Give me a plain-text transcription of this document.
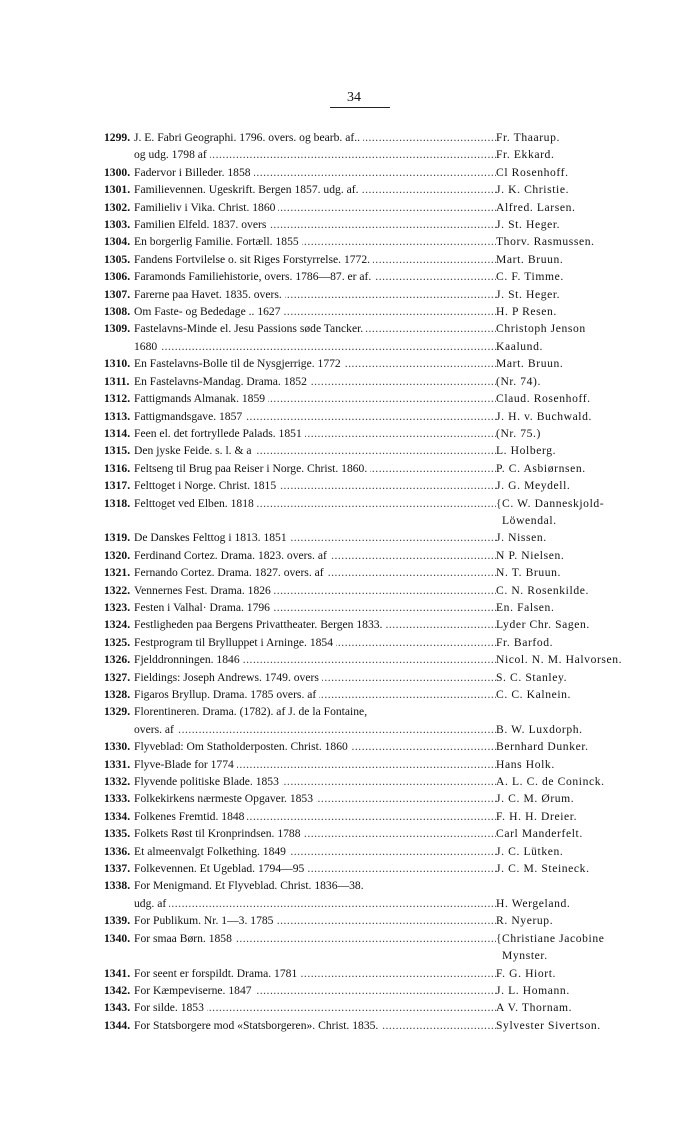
34
1299. J. E. Fabri Geographi. 1796. overs. og bearb. af.. .....	Fr. Thaarup.
og udg. 1798 af .....	Fr. Ekkard.
1300. Fadervor i Billeder. 1858 .....	Cl Rosenhoff.
1301. Familievennen. Ugeskrift. Bergen 1857. udg. af. .....	J. K. Christie.
1302. Familieliv i Vika. Christ. 1860 .....	Alfred. Larsen.
1303. Familien Elfeld. 1837. overs .....	J. St. Heger.
1304. En borgerlig Familie. Fortæll. 1855 .....	Thorv. Rasmussen.
1305. Fandens Fortvilelse o. sit Riges Forstyrrelse. 1772. .....	Mart. Bruun.
1306. Faramonds Familiehistorie, overs. 1786—87. er af. .....	C. F. Timme.
1307. Farerne paa Havet. 1835. overs. .....	J. St. Heger.
1308. Om Faste- og Bededage .. 1627 .....	H. P Resen.
1309. Fastelavns-Minde el. Jesu Passions søde Tancker. .....	Christoph Jenson
1680 .....	Kaalund.
1310. En Fastelavns-Bolle til de Nysgjerrige. 1772 .....	Mart. Bruun.
1311. En Fastelavns-Mandag. Drama. 1852 .....	(Nr. 74).
1312. Fattigmands Almanak. 1859 .....	Claud. Rosenhoff.
1313. Fattigmandsgave. 1857 .....	J. H. v. Buchwald.
1314. Feen el. det fortryllede Palads. 1851 .....	(Nr. 75.)
1315. Den jyske Feide. s. l. & a .....	L. Holberg.
1316. Feltseng til Brug paa Reiser i Norge. Christ. 1860. .....	P. C. Asbiørnsen.
1317. Felttoget i Norge. Christ. 1815 .....	J. G. Meydell.
1318. Felttoget ved Elben. 1818 .....	{ C. W. Danneskjold-
Löwendal.
1319. De Danskes Felttog i 1813. 1851 .....	J. Nissen.
1320. Ferdinand Cortez. Drama. 1823. overs. af .....	N P. Nielsen.
1321. Fernando Cortez. Drama. 1827. overs. af .....	N. T. Bruun.
1322. Vennernes Fest. Drama. 1826 .....	C. N. Rosenkilde.
1323. Festen i Valhal· Drama. 1796 .....	En. Falsen.
1324. Festligheden paa Bergens Privattheater. Bergen 1833. .....	Lyder Chr. Sagen.
1325. Festprogram til Brylluppet i Arninge. 1854 .....	Fr. Barfod.
1326. Fjelddronningen. 1846 .....	Nicol. N. M. Halvorsen.
1327. Fieldings: Joseph Andrews. 1749. overs .....	S. C. Stanley.
1328. Figaros Bryllup. Drama. 1785 overs. af .....	C. C. Kalnein.
1329. Florentineren. Drama. (1782). af J. de la Fontaine,
overs. af .....	B. W. Luxdorph.
1330. Flyveblad: Om Statholderposten. Christ. 1860 .....	Bernhard Dunker.
1331. Flyve-Blade for 1774 .....	Hans Holk.
1332. Flyvende politiske Blade. 1853 .....	A. L. C. de Coninck.
1333. Folkekirkens nærmeste Opgaver. 1853 .....	J. C. M. Ørum.
1334. Folkenes Fremtid. 1848 .....	F. H. H. Dreier.
1335. Folkets Røst til Kronprindsen. 1788 .....	Carl Manderfelt.
1336. Et almeenvalgt Folkething. 1849 .....	J. C. Lütken.
1337. Folkevennen. Et Ugeblad. 1794—95 .....	J. C. M. Steineck.
1338. For Menigmand. Et Flyveblad. Christ. 1836—38.
udg. af .....	H. Wergeland.
1339. For Publikum. Nr. 1—3. 1785 .....	R. Nyerup.
1340. For smaa Børn. 1858 .....	{ Christiane Jacobine
Mynster.
1341. For seent er forspildt. Drama. 1781 .....	F. G. Hiort.
1342. For Kæmpeviserne. 1847 .....	J. L. Homann.
1343. For silde. 1853 .....	A V. Thornam.
1344. For Statsborgere mod «Statsborgeren». Christ. 1835. .....	Sylvester Sivertson.
